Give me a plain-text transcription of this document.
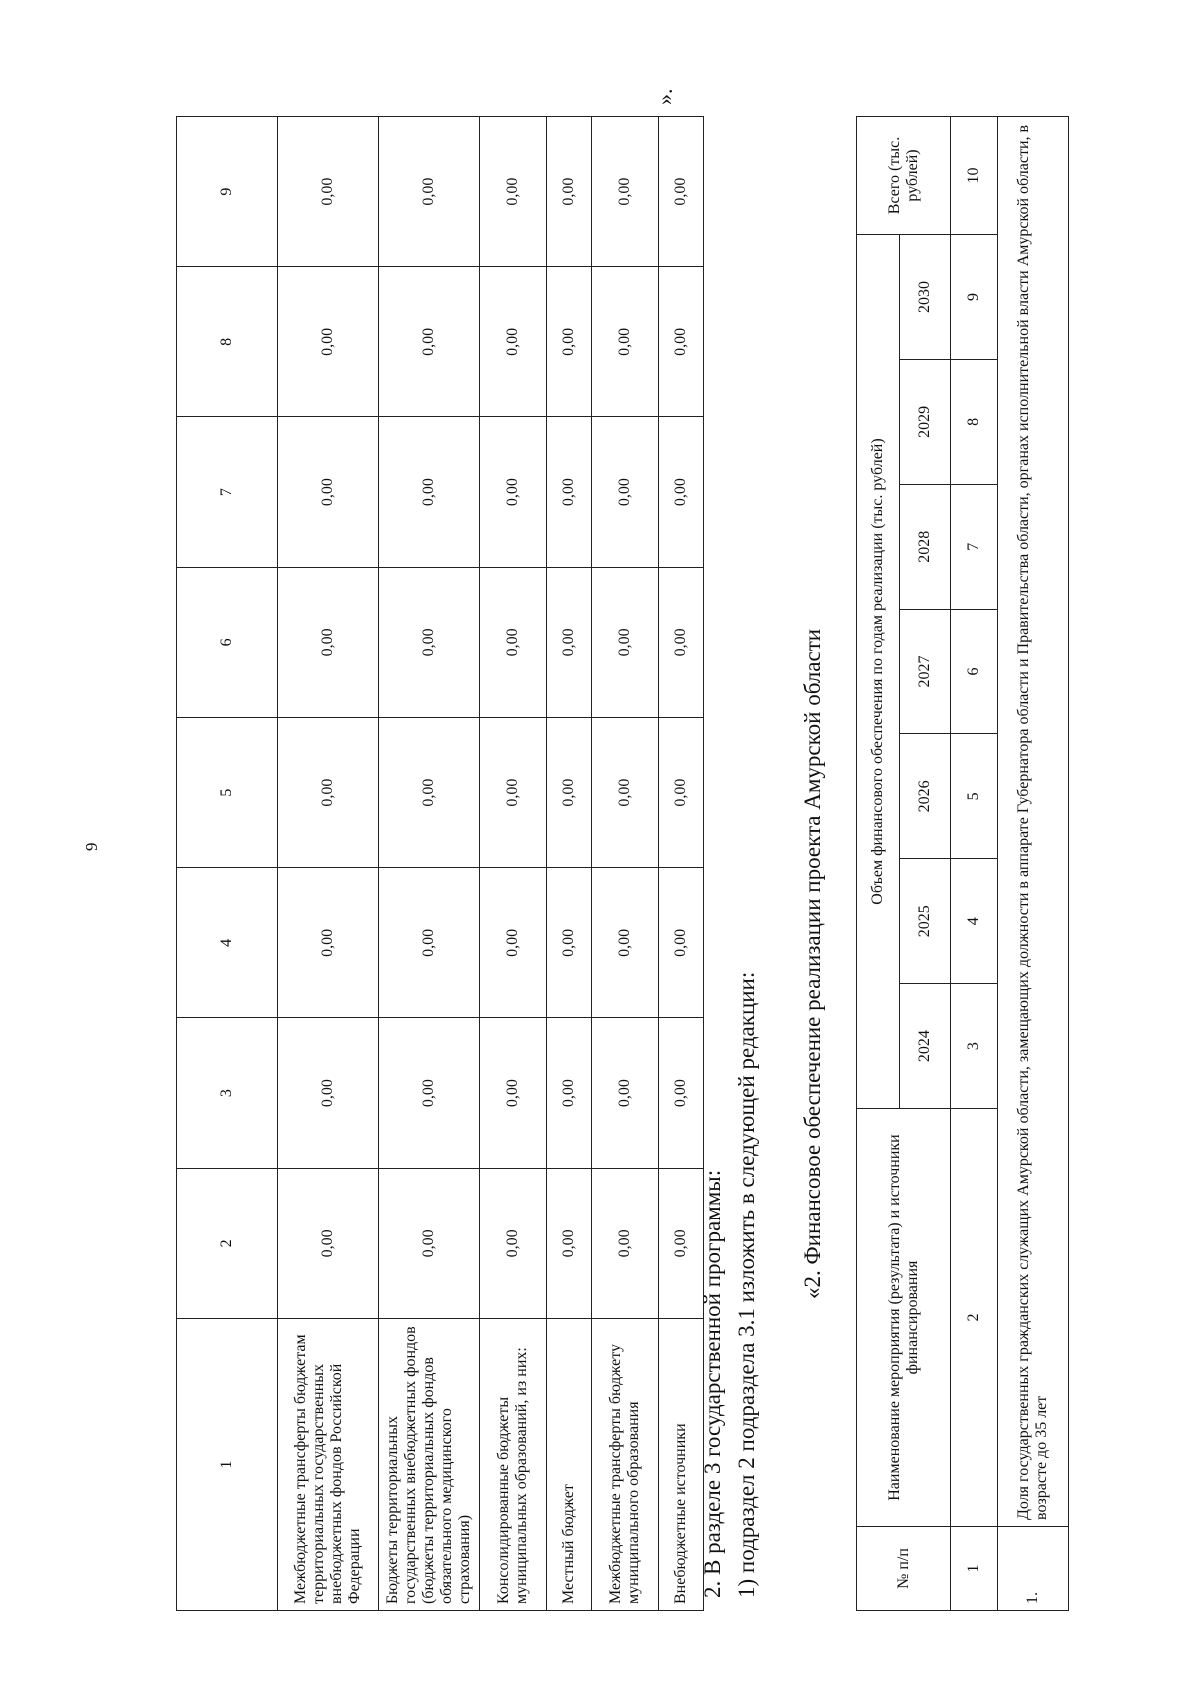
9
1	2	3	4	5	6	7	8	9
Межбюджетные трансферты бюджетам территориальных государственных внебюджетных фондов Российской Федерации	0,00	0,00	0,00	0,00	0,00	0,00	0,00	0,00
Бюджеты территориальных государственных внебюджетных фондов (бюджеты территориальных фондов обязательного медицинского страхования)	0,00	0,00	0,00	0,00	0,00	0,00	0,00	0,00
Консолидированные бюджеты муниципальных образований, из них:	0,00	0,00	0,00	0,00	0,00	0,00	0,00	0,00
Местный бюджет	0,00	0,00	0,00	0,00	0,00	0,00	0,00	0,00
Межбюджетные трансферты бюджету муниципального образования	0,00	0,00	0,00	0,00	0,00	0,00	0,00	0,00
Внебюджетные источники	0,00	0,00	0,00	0,00	0,00	0,00	0,00	0,00
».
2. В разделе 3 государственной программы: 1) подраздел 2 подраздела 3.1 изложить в следующей редакции: «2. Финансовое обеспечение реализации проекта Амурской области
№ п/п	Наименование мероприятия (результата) и источники финансирования	Объем финансового обеспечения по годам реализации (тыс. рублей)							Всего (тыс. рублей)
		2024	2025	2026	2027	2028	2029	2030	
1	2	3	4	5	6	7	8	9	10
1.	Доля государственных гражданских служащих Амурской области, замещающих должности в аппарате Губернатора области и Правительства области, органах исполнительной власти Амурской области, в возрасте до 35 лет								
